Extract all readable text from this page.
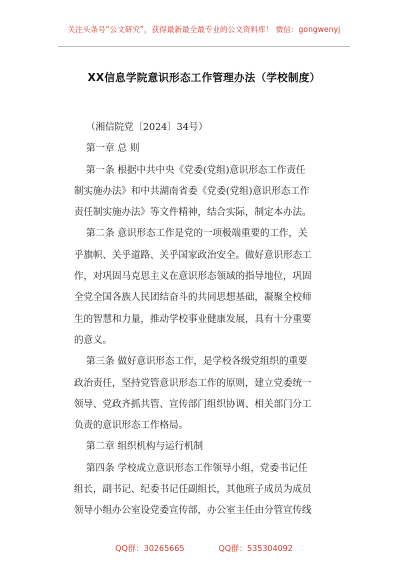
关注头条号“公文研究”，获得最新最全最专业的公文资料库！ 微信：gongwenyj
XX信息学院意识形态工作管理办法（学校制度）
（湘信院党〔2024〕34号）
第一章 总 则
第一条 根据中共中央《党委(党组)意识形态工作责任
制实施办法》和中共湖南省委《党委(党组)意识形态工作
责任制实施办法》等文件精神，结合实际，制定本办法。
第二条 意识形态工作是党的一项极端重要的工作，关
乎旗帜、关乎道路、关乎国家政治安全。做好意识形态工
作，对巩固马克思主义在意识形态领域的指导地位，巩固
全党全国各族人民团结奋斗的共同思想基础，凝聚全校师
生的智慧和力量，推动学校事业健康发展，具有十分重要
的意义。
第三条 做好意识形态工作，是学校各级党组织的重要
政治责任，坚持党管意识形态工作的原则，建立党委统一
领导、党政齐抓共管、宣传部门组织协调、相关部门分工
负责的意识形态工作格局。
第二章 组织机构与运行机制
第四条 学校成立意识形态工作领导小组，党委书记任
组长，副书记、纪委书记任副组长，其他班子成员为成员
领导小组办公室设党委宣传部，办公室主任由分管宣传线
QQ群：30265665	QQ群：535304092
